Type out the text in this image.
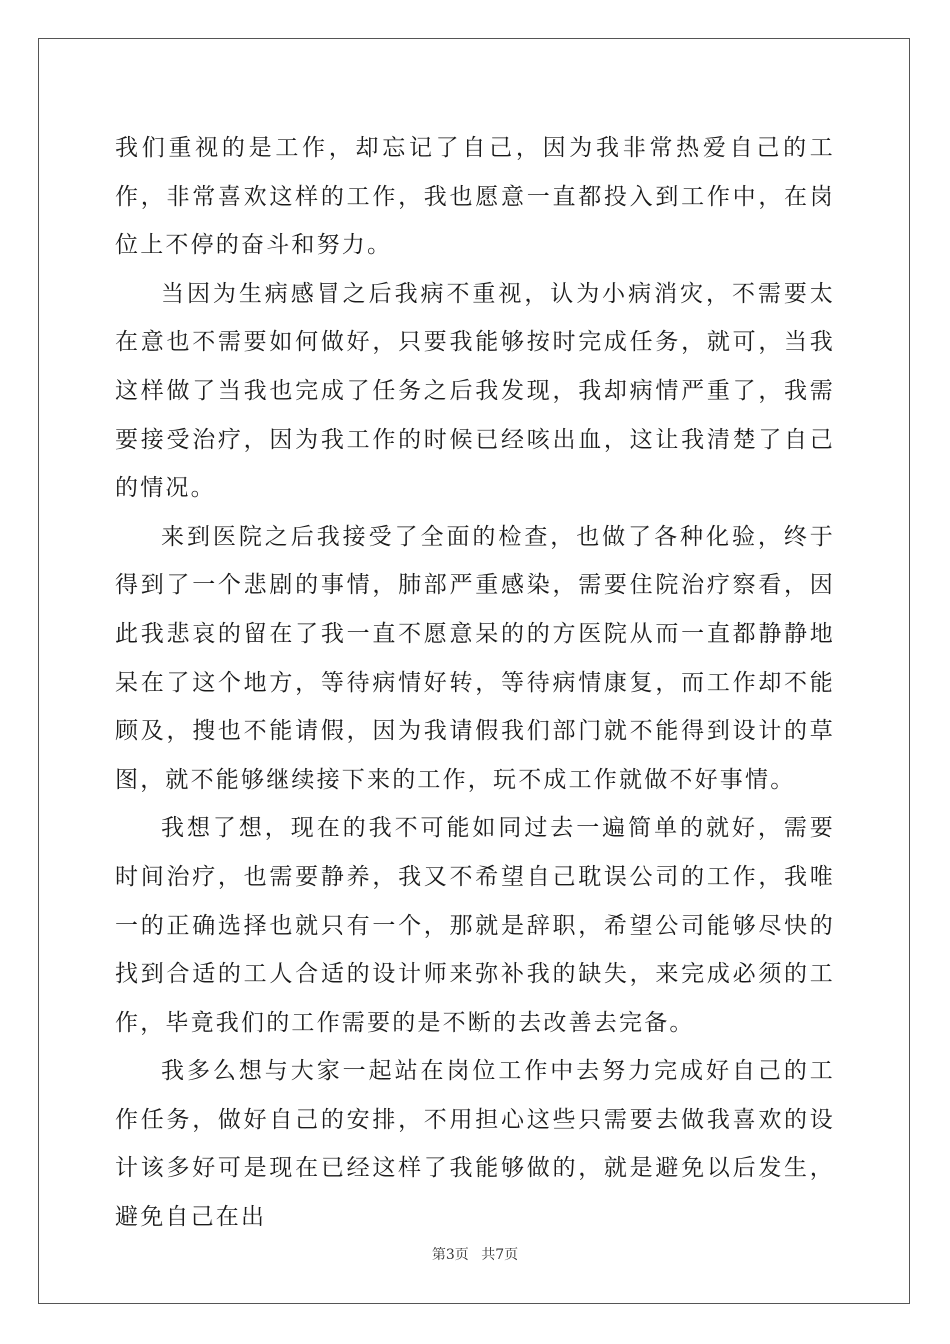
我们重视的是工作，却忘记了自己，因为我非常热爱自己的工作，非常喜欢这样的工作，我也愿意一直都投入到工作中，在岗位上不停的奋斗和努力。

当因为生病感冒之后我病不重视，认为小病消灾，不需要太在意也不需要如何做好，只要我能够按时完成任务，就可，当我这样做了当我也完成了任务之后我发现，我却病情严重了，我需要接受治疗，因为我工作的时候已经咳出血，这让我清楚了自己的情况。

来到医院之后我接受了全面的检查，也做了各种化验，终于得到了一个悲剧的事情，肺部严重感染，需要住院治疗察看，因此我悲哀的留在了我一直不愿意呆的的方医院从而一直都静静地呆在了这个地方，等待病情好转，等待病情康复，而工作却不能顾及，搜也不能请假，因为我请假我们部门就不能得到设计的草图，就不能够继续接下来的工作，玩不成工作就做不好事情。

我想了想，现在的我不可能如同过去一遍简单的就好，需要时间治疗，也需要静养，我又不希望自己耽误公司的工作，我唯一的正确选择也就只有一个，那就是辞职，希望公司能够尽快的找到合适的工人合适的设计师来弥补我的缺失，来完成必须的工作，毕竟我们的工作需要的是不断的去改善去完备。

我多么想与大家一起站在岗位工作中去努力完成好自己的工作任务，做好自己的安排，不用担心这些只需要去做我喜欢的设计该多好可是现在已经这样了我能够做的，就是避免以后发生，避免自己在出

第3页 共7页
